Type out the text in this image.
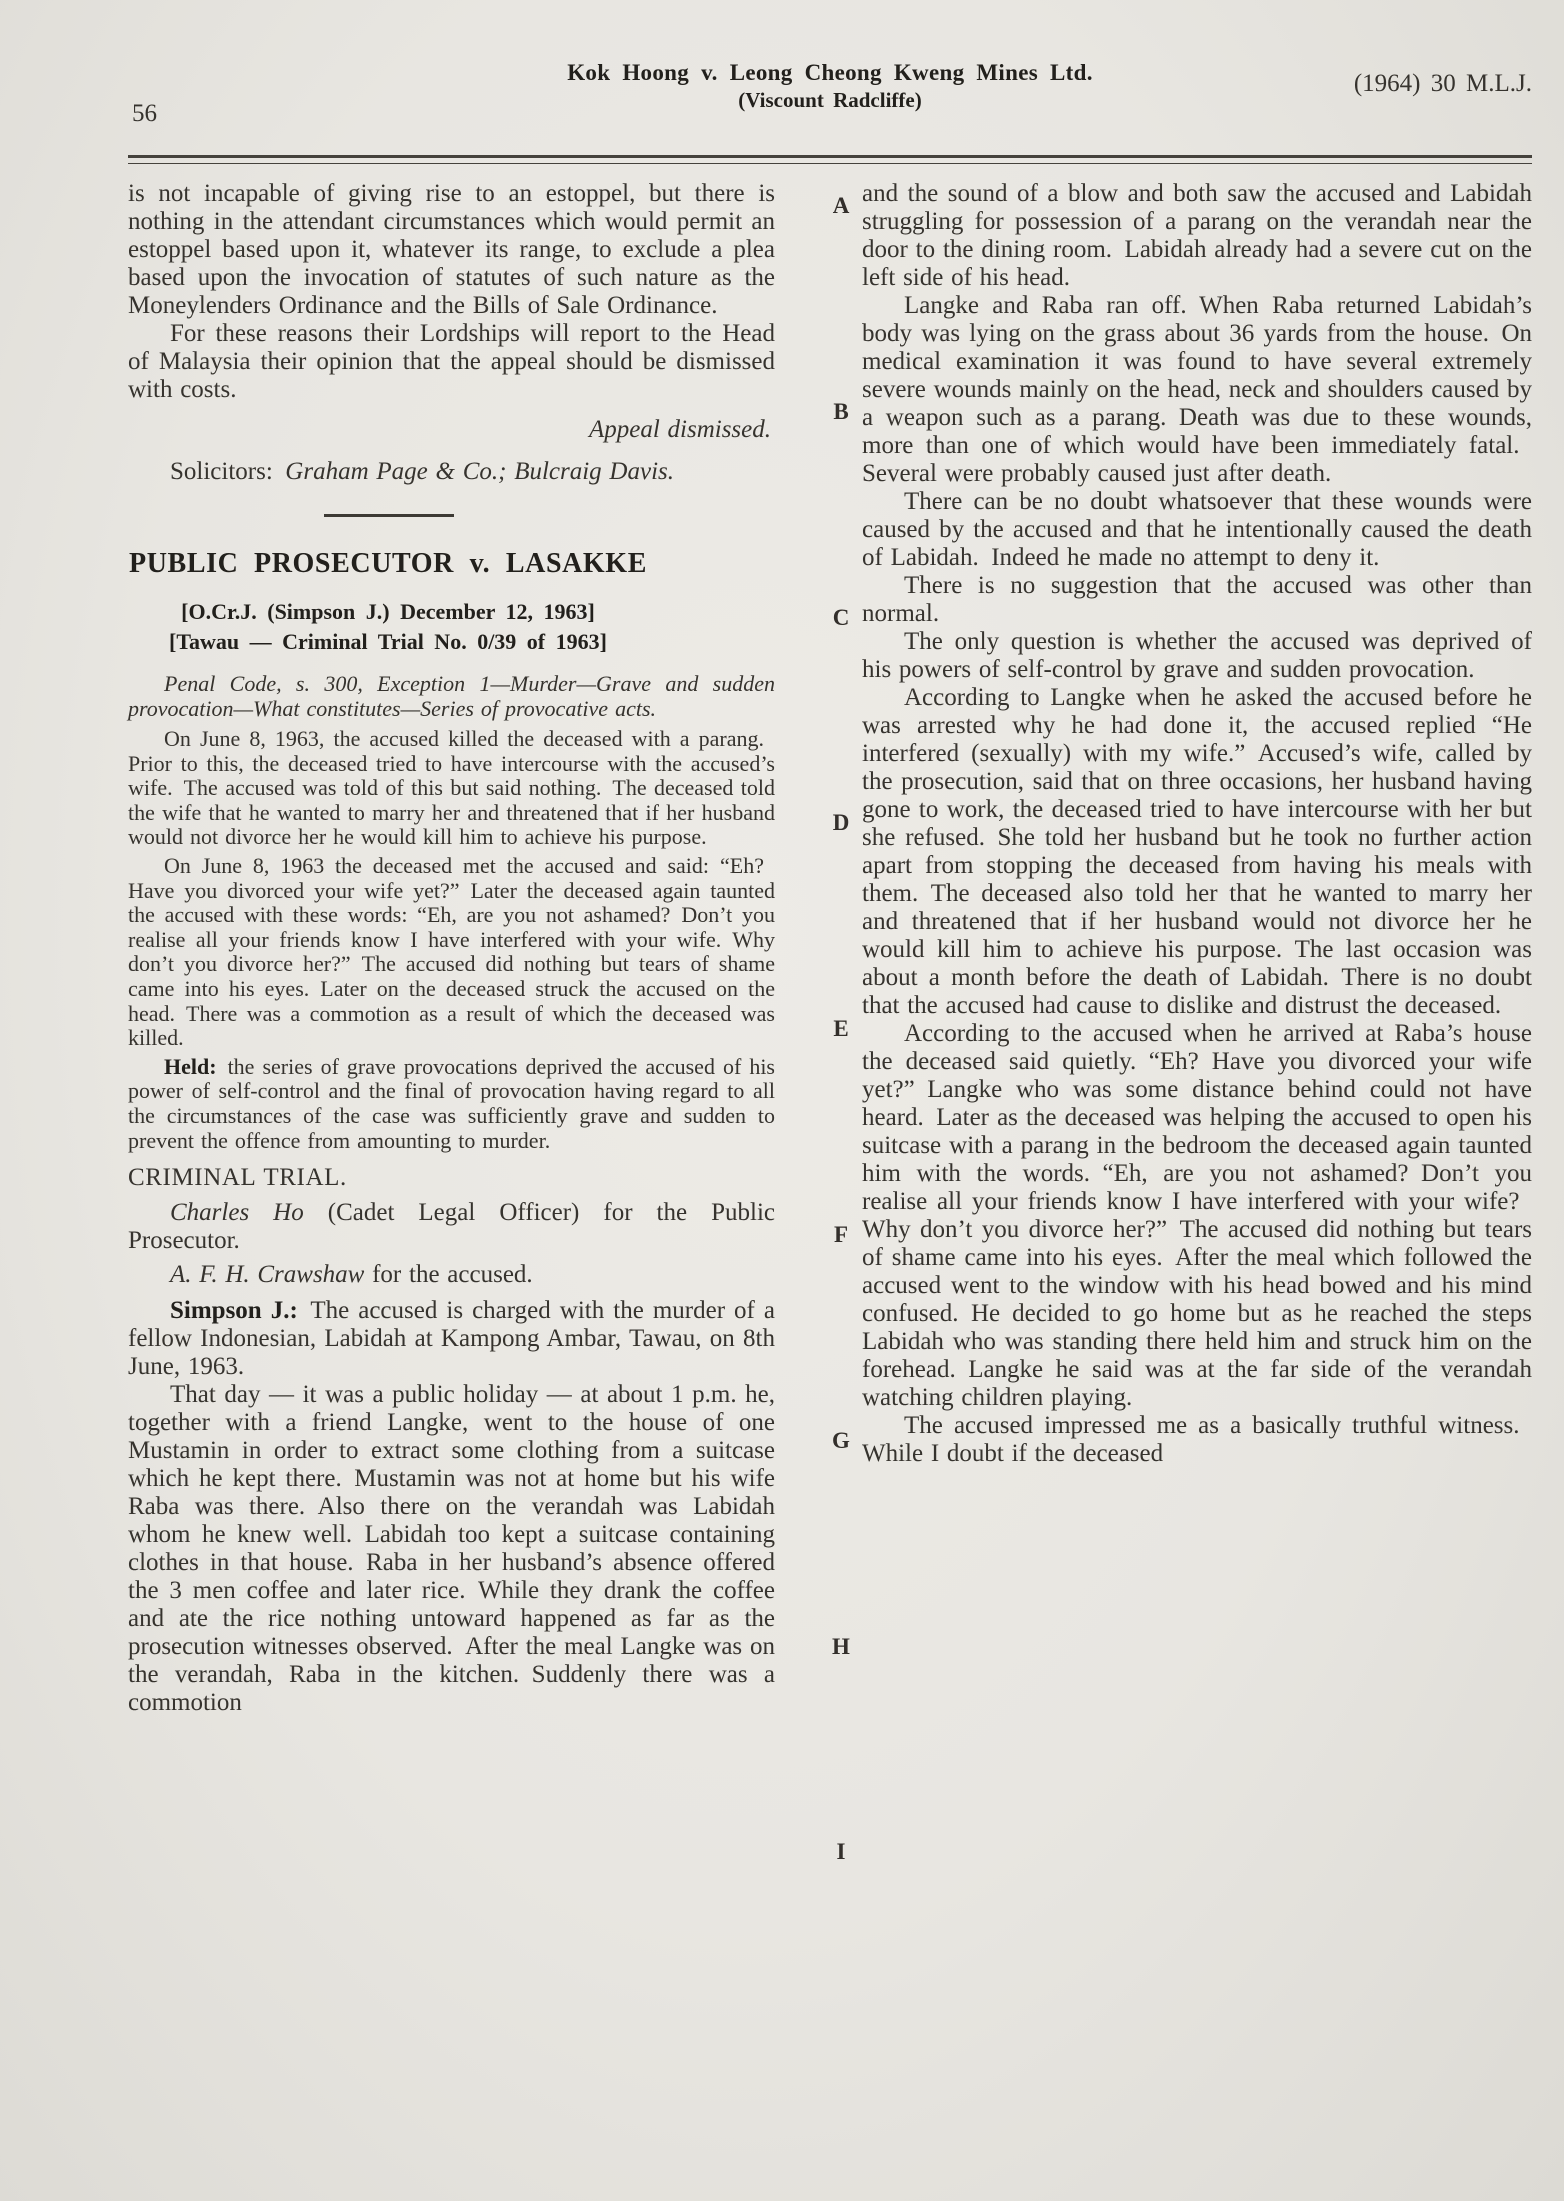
56
Kok Hoong v. Leong Cheong Kweng Mines Ltd.
(Viscount Radcliffe)
(1964) 30 M.L.J.
is not incapable of giving rise to an estoppel, but there is nothing in the attendant circumstances which would permit an estoppel based upon it, whatever its range, to exclude a plea based upon the invocation of statutes of such nature as the Moneylenders Ordinance and the Bills of Sale Ordinance.
For these reasons their Lordships will report to the Head of Malaysia their opinion that the appeal should be dismissed with costs.
Appeal dismissed.
Solicitors: Graham Page & Co.; Bulcraig Davis.
PUBLIC PROSECUTOR v. LASAKKE
[O.Cr.J. (Simpson J.) December 12, 1963]
[Tawau — Criminal Trial No. 0/39 of 1963]
Penal Code, s. 300, Exception 1—Murder—Grave and sudden provocation—What constitutes—Series of provocative acts.
On June 8, 1963, the accused killed the deceased with a parang. Prior to this, the deceased tried to have intercourse with the accused’s wife. The accused was told of this but said nothing. The deceased told the wife that he wanted to marry her and threatened that if her husband would not divorce her he would kill him to achieve his purpose.
On June 8, 1963 the deceased met the accused and said: “Eh? Have you divorced your wife yet?” Later the deceased again taunted the accused with these words: “Eh, are you not ashamed? Don’t you realise all your friends know I have interfered with your wife. Why don’t you divorce her?” The accused did nothing but tears of shame came into his eyes. Later on the deceased struck the accused on the head. There was a commotion as a result of which the deceased was killed.
Held: the series of grave provocations deprived the accused of his power of self-control and the final of provocation having regard to all the circumstances of the case was sufficiently grave and sudden to prevent the offence from amounting to murder.
CRIMINAL TRIAL.
Charles Ho (Cadet Legal Officer) for the Public Prosecutor.
A. F. H. Crawshaw for the accused.
Simpson J.: The accused is charged with the murder of a fellow Indonesian, Labidah at Kampong Ambar, Tawau, on 8th June, 1963.
That day — it was a public holiday — at about 1 p.m. he, together with a friend Langke, went to the house of one Mustamin in order to extract some clothing from a suitcase which he kept there. Mustamin was not at home but his wife Raba was there. Also there on the verandah was Labidah whom he knew well. Labidah too kept a suitcase containing clothes in that house. Raba in her husband’s absence offered the 3 men coffee and later rice. While they drank the coffee and ate the rice nothing untoward happened as far as the prosecution witnesses observed. After the meal Langke was on the verandah, Raba in the kitchen. Suddenly there was a commotion
and the sound of a blow and both saw the accused and Labidah struggling for possession of a parang on the verandah near the door to the dining room. Labidah already had a severe cut on the left side of his head.
Langke and Raba ran off. When Raba returned Labidah’s body was lying on the grass about 36 yards from the house. On medical examination it was found to have several extremely severe wounds mainly on the head, neck and shoulders caused by a weapon such as a parang. Death was due to these wounds, more than one of which would have been immediately fatal. Several were probably caused just after death.
There can be no doubt whatsoever that these wounds were caused by the accused and that he intentionally caused the death of Labidah. Indeed he made no attempt to deny it.
There is no suggestion that the accused was other than normal.
The only question is whether the accused was deprived of his powers of self-control by grave and sudden provocation.
According to Langke when he asked the accused before he was arrested why he had done it, the accused replied “He interfered (sexually) with my wife.” Accused’s wife, called by the prosecution, said that on three occasions, her husband having gone to work, the deceased tried to have intercourse with her but she refused. She told her husband but he took no further action apart from stopping the deceased from having his meals with them. The deceased also told her that he wanted to marry her and threatened that if her husband would not divorce her he would kill him to achieve his purpose. The last occasion was about a month before the death of Labidah. There is no doubt that the accused had cause to dislike and distrust the deceased.
According to the accused when he arrived at Raba’s house the deceased said quietly. “Eh? Have you divorced your wife yet?” Langke who was some distance behind could not have heard. Later as the deceased was helping the accused to open his suitcase with a parang in the bedroom the deceased again taunted him with the words. “Eh, are you not ashamed? Don’t you realise all your friends know I have interfered with your wife? Why don’t you divorce her?” The accused did nothing but tears of shame came into his eyes. After the meal which followed the accused went to the window with his head bowed and his mind confused. He decided to go home but as he reached the steps Labidah who was standing there held him and struck him on the forehead. Langke he said was at the far side of the verandah watching children playing.
The accused impressed me as a basically truthful witness. While I doubt if the deceased
A
B
C
D
E
F
G
H
I
